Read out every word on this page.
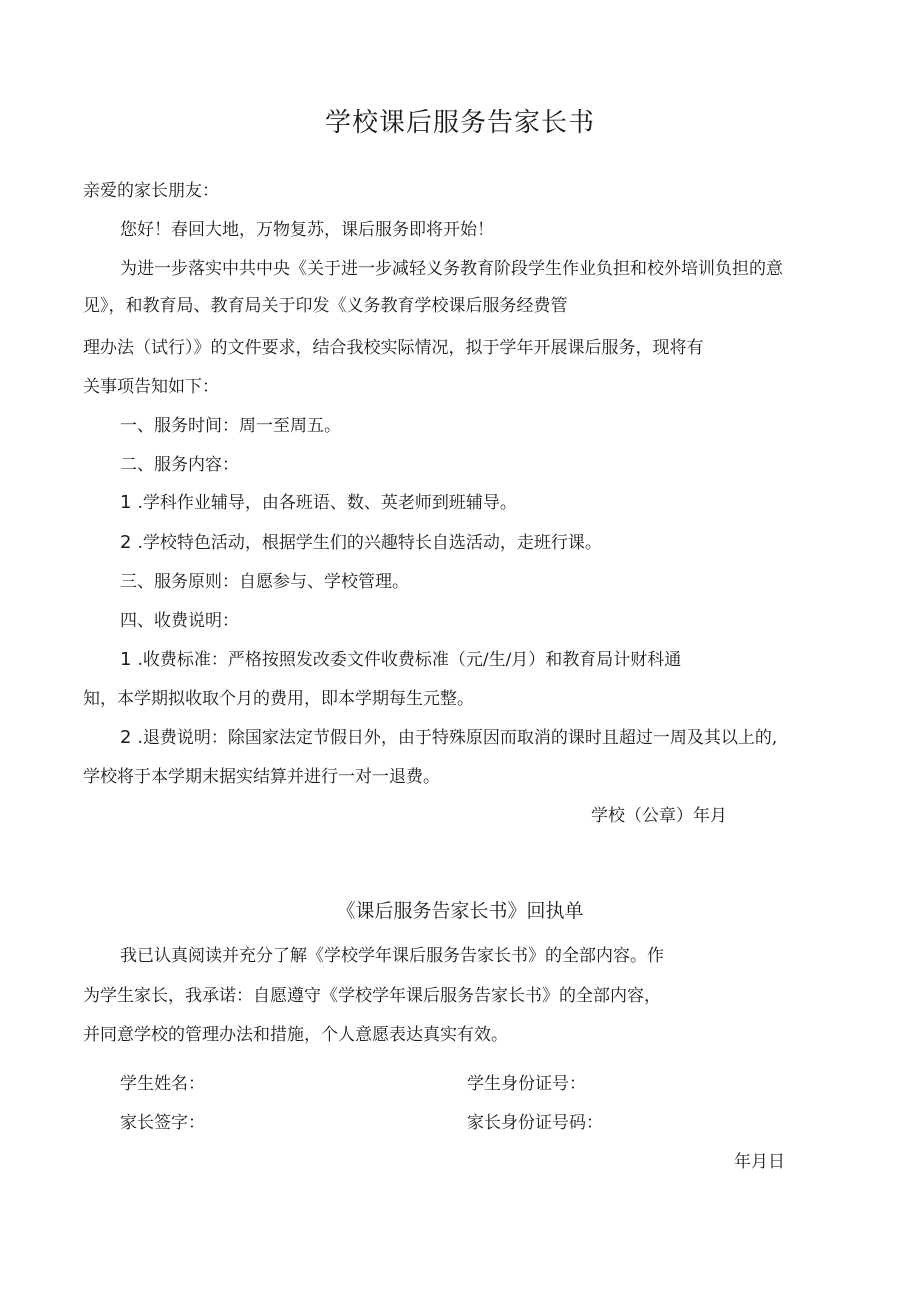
学校课后服务告家长书
亲爱的家长朋友：
您好！春回大地，万物复苏，课后服务即将开始！
为进一步落实中共中央《关于进一步减轻义务教育阶段学生作业负担和校外培训负担的意
见》，和教育局、教育局关于印发《义务教育学校课后服务经费管
理办法（试行）》的文件要求，结合我校实际情况，拟于学年开展课后服务，现将有
关事项告知如下：
一、服务时间：周一至周五。
二、服务内容：
1 .学科作业辅导，由各班语、数、英老师到班辅导。
2 .学校特色活动，根据学生们的兴趣特长自选活动，走班行课。
三、服务原则：自愿参与、学校管理。
四、收费说明：
1 .收费标准：严格按照发改委文件收费标准（元/生/月）和教育局计财科通
知，本学期拟收取个月的费用，即本学期每生元整。
2 .退费说明：除国家法定节假日外，由于特殊原因而取消的课时且超过一周及其以上的,
学校将于本学期末据实结算并进行一对一退费。
学校（公章）年月
《课后服务告家长书》回执单
我已认真阅读并充分了解《学校学年课后服务告家长书》的全部内容。作
为学生家长，我承诺：自愿遵守《学校学年课后服务告家长书》的全部内容，
并同意学校的管理办法和措施，个人意愿表达真实有效。
学生姓名：	学生身份证号：
家长签字：	家长身份证号码：
年月日
